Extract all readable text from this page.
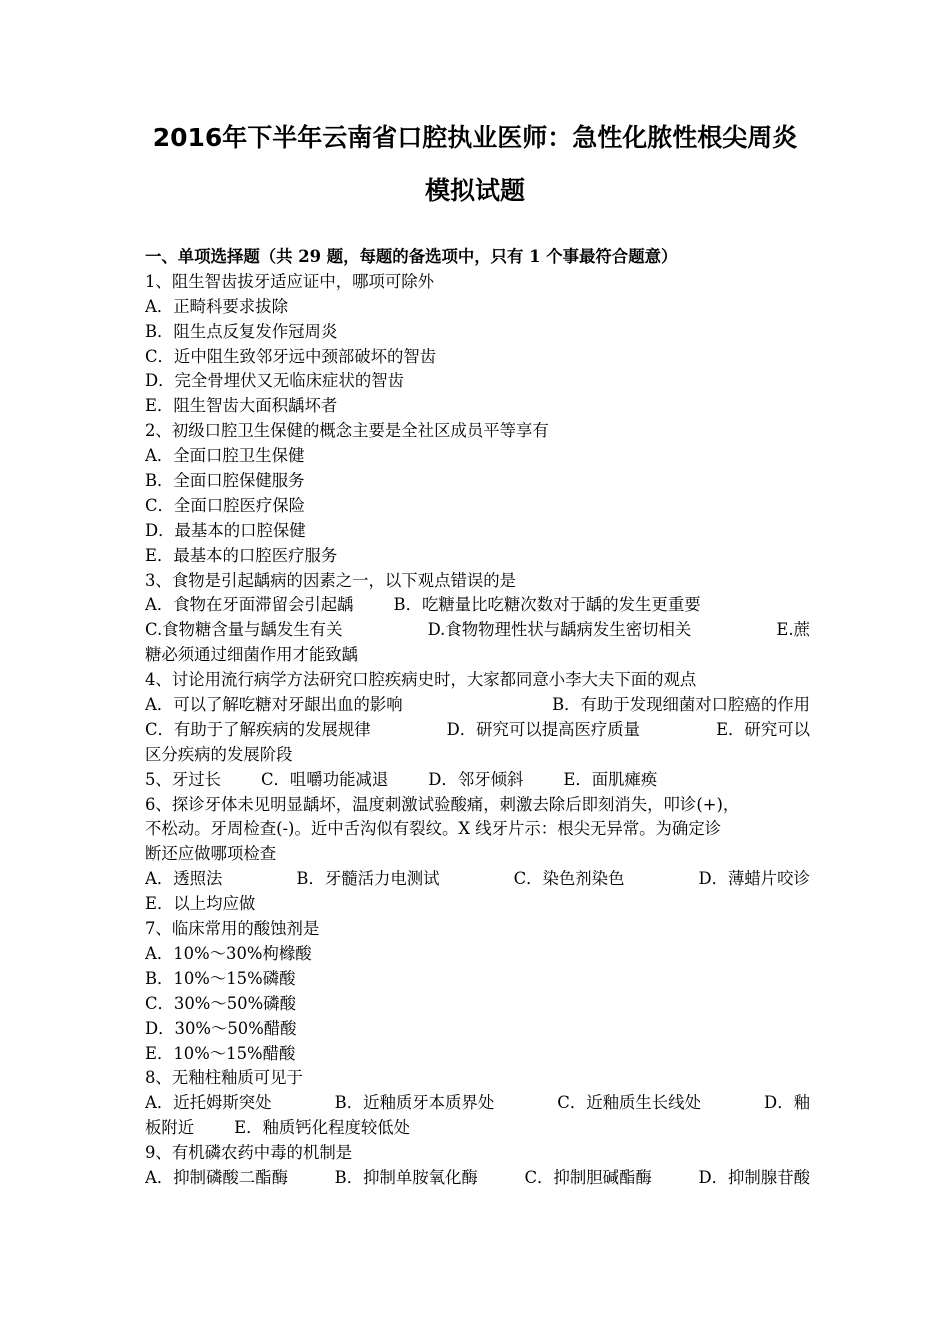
2016年下半年云南省口腔执业医师：急性化脓性根尖周炎
模拟试题
一、单项选择题（共 29 题，每题的备选项中，只有 1 个事最符合题意）
1、阻生智齿拔牙适应证中，哪项可除外
A．正畸科要求拔除
B．阻生点反复发作冠周炎
C．近中阻生致邻牙远中颈部破坏的智齿
D．完全骨埋伏又无临床症状的智齿
E．阻生智齿大面积龋坏者
2、初级口腔卫生保健的概念主要是全社区成员平等享有
A．全面口腔卫生保健
B．全面口腔保健服务
C．全面口腔医疗保险
D．最基本的口腔保健
E．最基本的口腔医疗服务
3、食物是引起龋病的因素之一，以下观点错误的是
A．食物在牙面滞留会引起龋 B．吃糖量比吃糖次数对于龋的发生更重要
C.食物糖含量与龋发生有关	D.食物物理性状与龋病发生密切相关	E.蔗
糖必须通过细菌作用才能致龋
4、讨论用流行病学方法研究口腔疾病史时，大家都同意小李大夫下面的观点
A．可以了解吃糖对牙龈出血的影响	B．有助于发现细菌对口腔癌的作用
C．有助于了解疾病的发展规律	D．研究可以提高医疗质量	E．研究可以
区分疾病的发展阶段
5、牙过长 C．咀嚼功能减退 D．邻牙倾斜 E．面肌瘫痪
6、探诊牙体未见明显龋坏，温度刺激试验酸痛，刺激去除后即刻消失，叩诊(+)，
不松动。牙周检查(-)。近中舌沟似有裂纹。X 线牙片示：根尖无异常。为确定诊
断还应做哪项检查
A．透照法	B．牙髓活力电测试	C．染色剂染色	D．薄蜡片咬诊
E．以上均应做
7、临床常用的酸蚀剂是
A．10%～30%枸橼酸
B．10%～15%磷酸
C．30%～50%磷酸
D．30%～50%醋酸
E．10%～15%醋酸
8、无釉柱釉质可见于
A．近托姆斯突处	B．近釉质牙本质界处	C．近釉质生长线处	D．釉
板附近 E．釉质钙化程度较低处
9、有机磷农药中毒的机制是
A．抑制磷酸二酯酶	B．抑制单胺氧化酶	C．抑制胆碱酯酶	D．抑制腺苷酸
